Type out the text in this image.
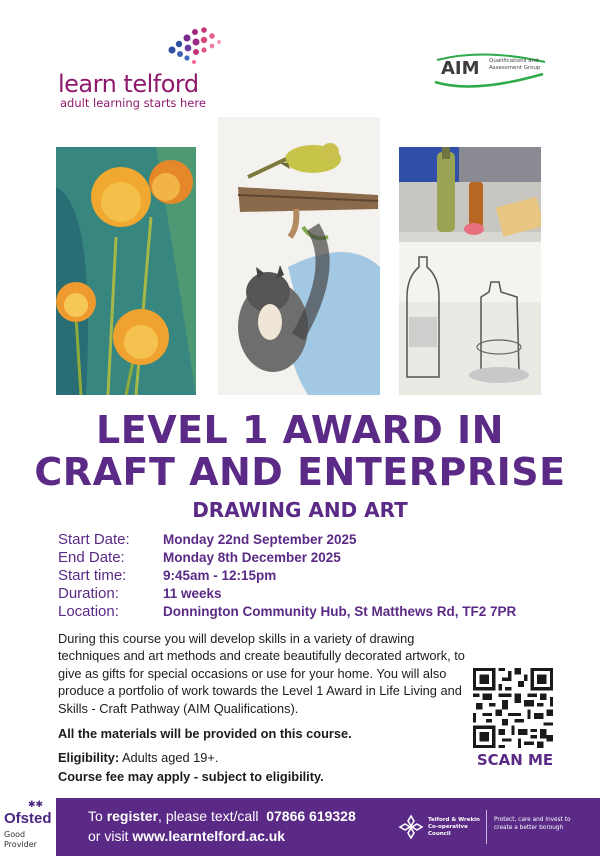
learn telford
adult learning starts here
AIM Qualifications and Assessment Group
LEVEL 1 AWARD IN
CRAFT AND ENTERPRISE
DRAWING AND ART
Start Date:	Monday 22nd September 2025
End Date:	Monday 8th December 2025
Start time:	9:45am - 12:15pm
Duration:	11 weeks
Location:	Donnington Community Hub, St Matthews Rd, TF2 7PR
During this course you will develop skills in a variety of drawing techniques and art methods and create beautifully decorated artwork, to give as gifts for special occasions or use for your home. You will also produce a portfolio of work towards the Level 1 Award in Life Living and Skills - Craft Pathway (AIM Qualifications).
All the materials will be provided on this course.
Eligibility: Adults aged 19+.
Course fee may apply - subject to eligibility.
SCAN ME
✱✱
Ofsted
Good Provider
To register, please text/call 07866 619328
or visit www.learntelford.ac.uk
Telford & Wrekin Co-operative Council
Protect, care and invest to create a better borough
